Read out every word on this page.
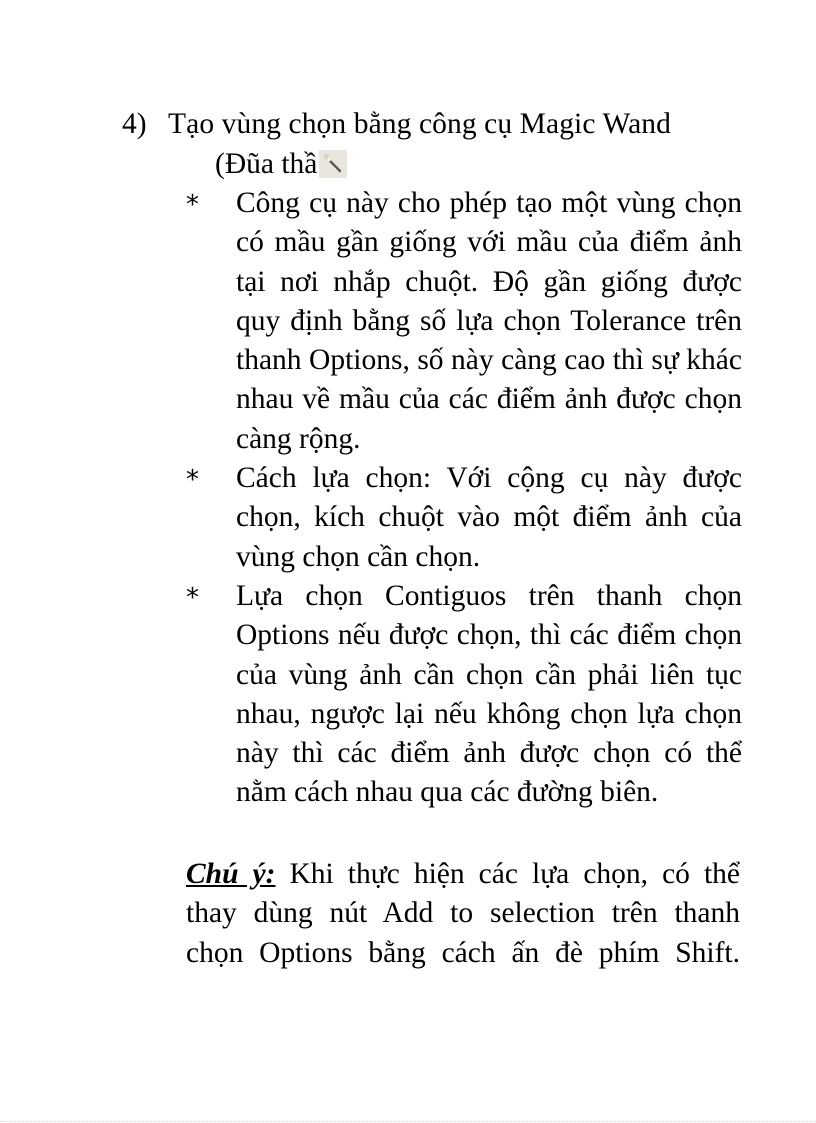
4) Tạo vùng chọn bằng công cụ Magic Wand
(Đũa thầ
* Công cụ này cho phép tạo một vùng chọn có mầu gần giống với mầu của điểm ảnh tại nơi nhắp chuột. Độ gần giống được quy định bằng số lựa chọn Tolerance trên thanh Options, số này càng cao thì sự khác nhau về mầu của các điểm ảnh được chọn càng rộng.
* Cách lựa chọn: Với cộng cụ này được chọn, kích chuột vào một điểm ảnh của vùng chọn cần chọn.
* Lựa chọn Contiguos trên thanh chọn Options nếu được chọn, thì các điểm chọn của vùng ảnh cần chọn cần phải liên tục nhau, ngược lại nếu không chọn lựa chọn này thì các điểm ảnh được chọn có thể nằm cách nhau qua các đường biên.
Chú ý: Khi thực hiện các lựa chọn, có thể
thay dùng nút Add to selection trên thanh
chọn Options bằng cách ấn đè phím Shift.
